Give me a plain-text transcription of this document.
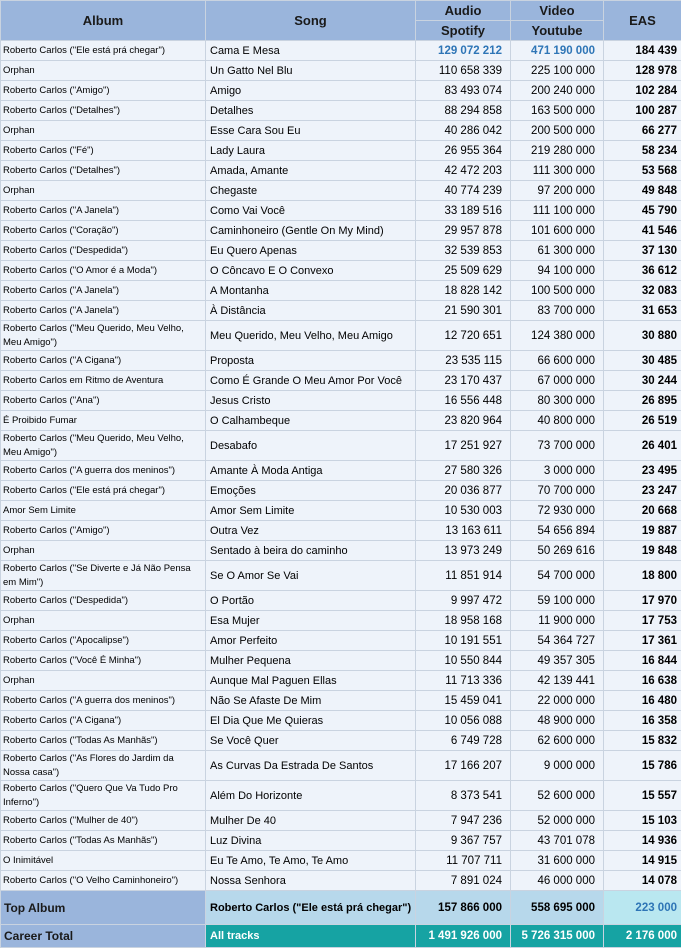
Album	Song	Audio	Video	EAS
		Spotify	Youtube	
Roberto Carlos ("Ele está prá chegar")	Cama E Mesa	129 072 212	471 190 000	184 439
Orphan	Un Gatto Nel Blu	110 658 339	225 100 000	128 978
Roberto Carlos ("Amigo")	Amigo	83 493 074	200 240 000	102 284
Roberto Carlos ("Detalhes")	Detalhes	88 294 858	163 500 000	100 287
Orphan	Esse Cara Sou Eu	40 286 042	200 500 000	66 277
Roberto Carlos ("Fé")	Lady Laura	26 955 364	219 280 000	58 234
Roberto Carlos ("Detalhes")	Amada, Amante	42 472 203	111 300 000	53 568
Orphan	Chegaste	40 774 239	97 200 000	49 848
Roberto Carlos ("A Janela")	Como Vai Você	33 189 516	111 100 000	45 790
Roberto Carlos ("Coração")	Caminhoneiro (Gentle On My Mind)	29 957 878	101 600 000	41 546
Roberto Carlos ("Despedida")	Eu Quero Apenas	32 539 853	61 300 000	37 130
Roberto Carlos ("O Amor é a Moda")	O Côncavo E O Convexo	25 509 629	94 100 000	36 612
Roberto Carlos ("A Janela")	A Montanha	18 828 142	100 500 000	32 083
Roberto Carlos ("A Janela")	À Distância	21 590 301	83 700 000	31 653
Roberto Carlos ("Meu Querido, Meu Velho, Meu Amigo")	Meu Querido, Meu Velho, Meu Amigo	12 720 651	124 380 000	30 880
Roberto Carlos ("A Cigana")	Proposta	23 535 115	66 600 000	30 485
Roberto Carlos em Ritmo de Aventura	Como É Grande O Meu Amor Por Você	23 170 437	67 000 000	30 244
Roberto Carlos ("Ana")	Jesus Cristo	16 556 448	80 300 000	26 895
É Proibido Fumar	O Calhambeque	23 820 964	40 800 000	26 519
Roberto Carlos ("Meu Querido, Meu Velho, Meu Amigo")	Desabafo	17 251 927	73 700 000	26 401
Roberto Carlos ("A guerra dos meninos")	Amante À Moda Antiga	27 580 326	3 000 000	23 495
Roberto Carlos ("Ele está prá chegar")	Emoções	20 036 877	70 700 000	23 247
Amor Sem Limite	Amor Sem Limite	10 530 003	72 930 000	20 668
Roberto Carlos ("Amigo")	Outra Vez	13 163 611	54 656 894	19 887
Orphan	Sentado à beira do caminho	13 973 249	50 269 616	19 848
Roberto Carlos ("Se Diverte e Já Não Pensa em Mim")	Se O Amor Se Vai	11 851 914	54 700 000	18 800
Roberto Carlos ("Despedida")	O Portão	9 997 472	59 100 000	17 970
Orphan	Esa Mujer	18 958 168	11 900 000	17 753
Roberto Carlos ("Apocalipse")	Amor Perfeito	10 191 551	54 364 727	17 361
Roberto Carlos ("Você É Minha")	Mulher Pequena	10 550 844	49 357 305	16 844
Orphan	Aunque Mal Paguen Ellas	11 713 336	42 139 441	16 638
Roberto Carlos ("A guerra dos meninos")	Não Se Afaste De Mim	15 459 041	22 000 000	16 480
Roberto Carlos ("A Cigana")	El Dia Que Me Quieras	10 056 088	48 900 000	16 358
Roberto Carlos ("Todas As Manhãs")	Se Você Quer	6 749 728	62 600 000	15 832
Roberto Carlos ("As Flores do Jardim da Nossa casa")	As Curvas Da Estrada De Santos	17 166 207	9 000 000	15 786
Roberto Carlos ("Quero Que Va Tudo Pro Inferno")	Além Do Horizonte	8 373 541	52 600 000	15 557
Roberto Carlos ("Mulher de 40")	Mulher De 40	7 947 236	52 000 000	15 103
Roberto Carlos ("Todas As Manhãs")	Luz Divina	9 367 757	43 701 078	14 936
O Inimitável	Eu Te Amo, Te Amo, Te Amo	11 707 711	31 600 000	14 915
Roberto Carlos ("O Velho Caminhoneiro")	Nossa Senhora	7 891 024	46 000 000	14 078
Top Album	Roberto Carlos ("Ele está prá chegar")	157 866 000	558 695 000	223 000
Career Total	All tracks	1 491 926 000	5 726 315 000	2 176 000
